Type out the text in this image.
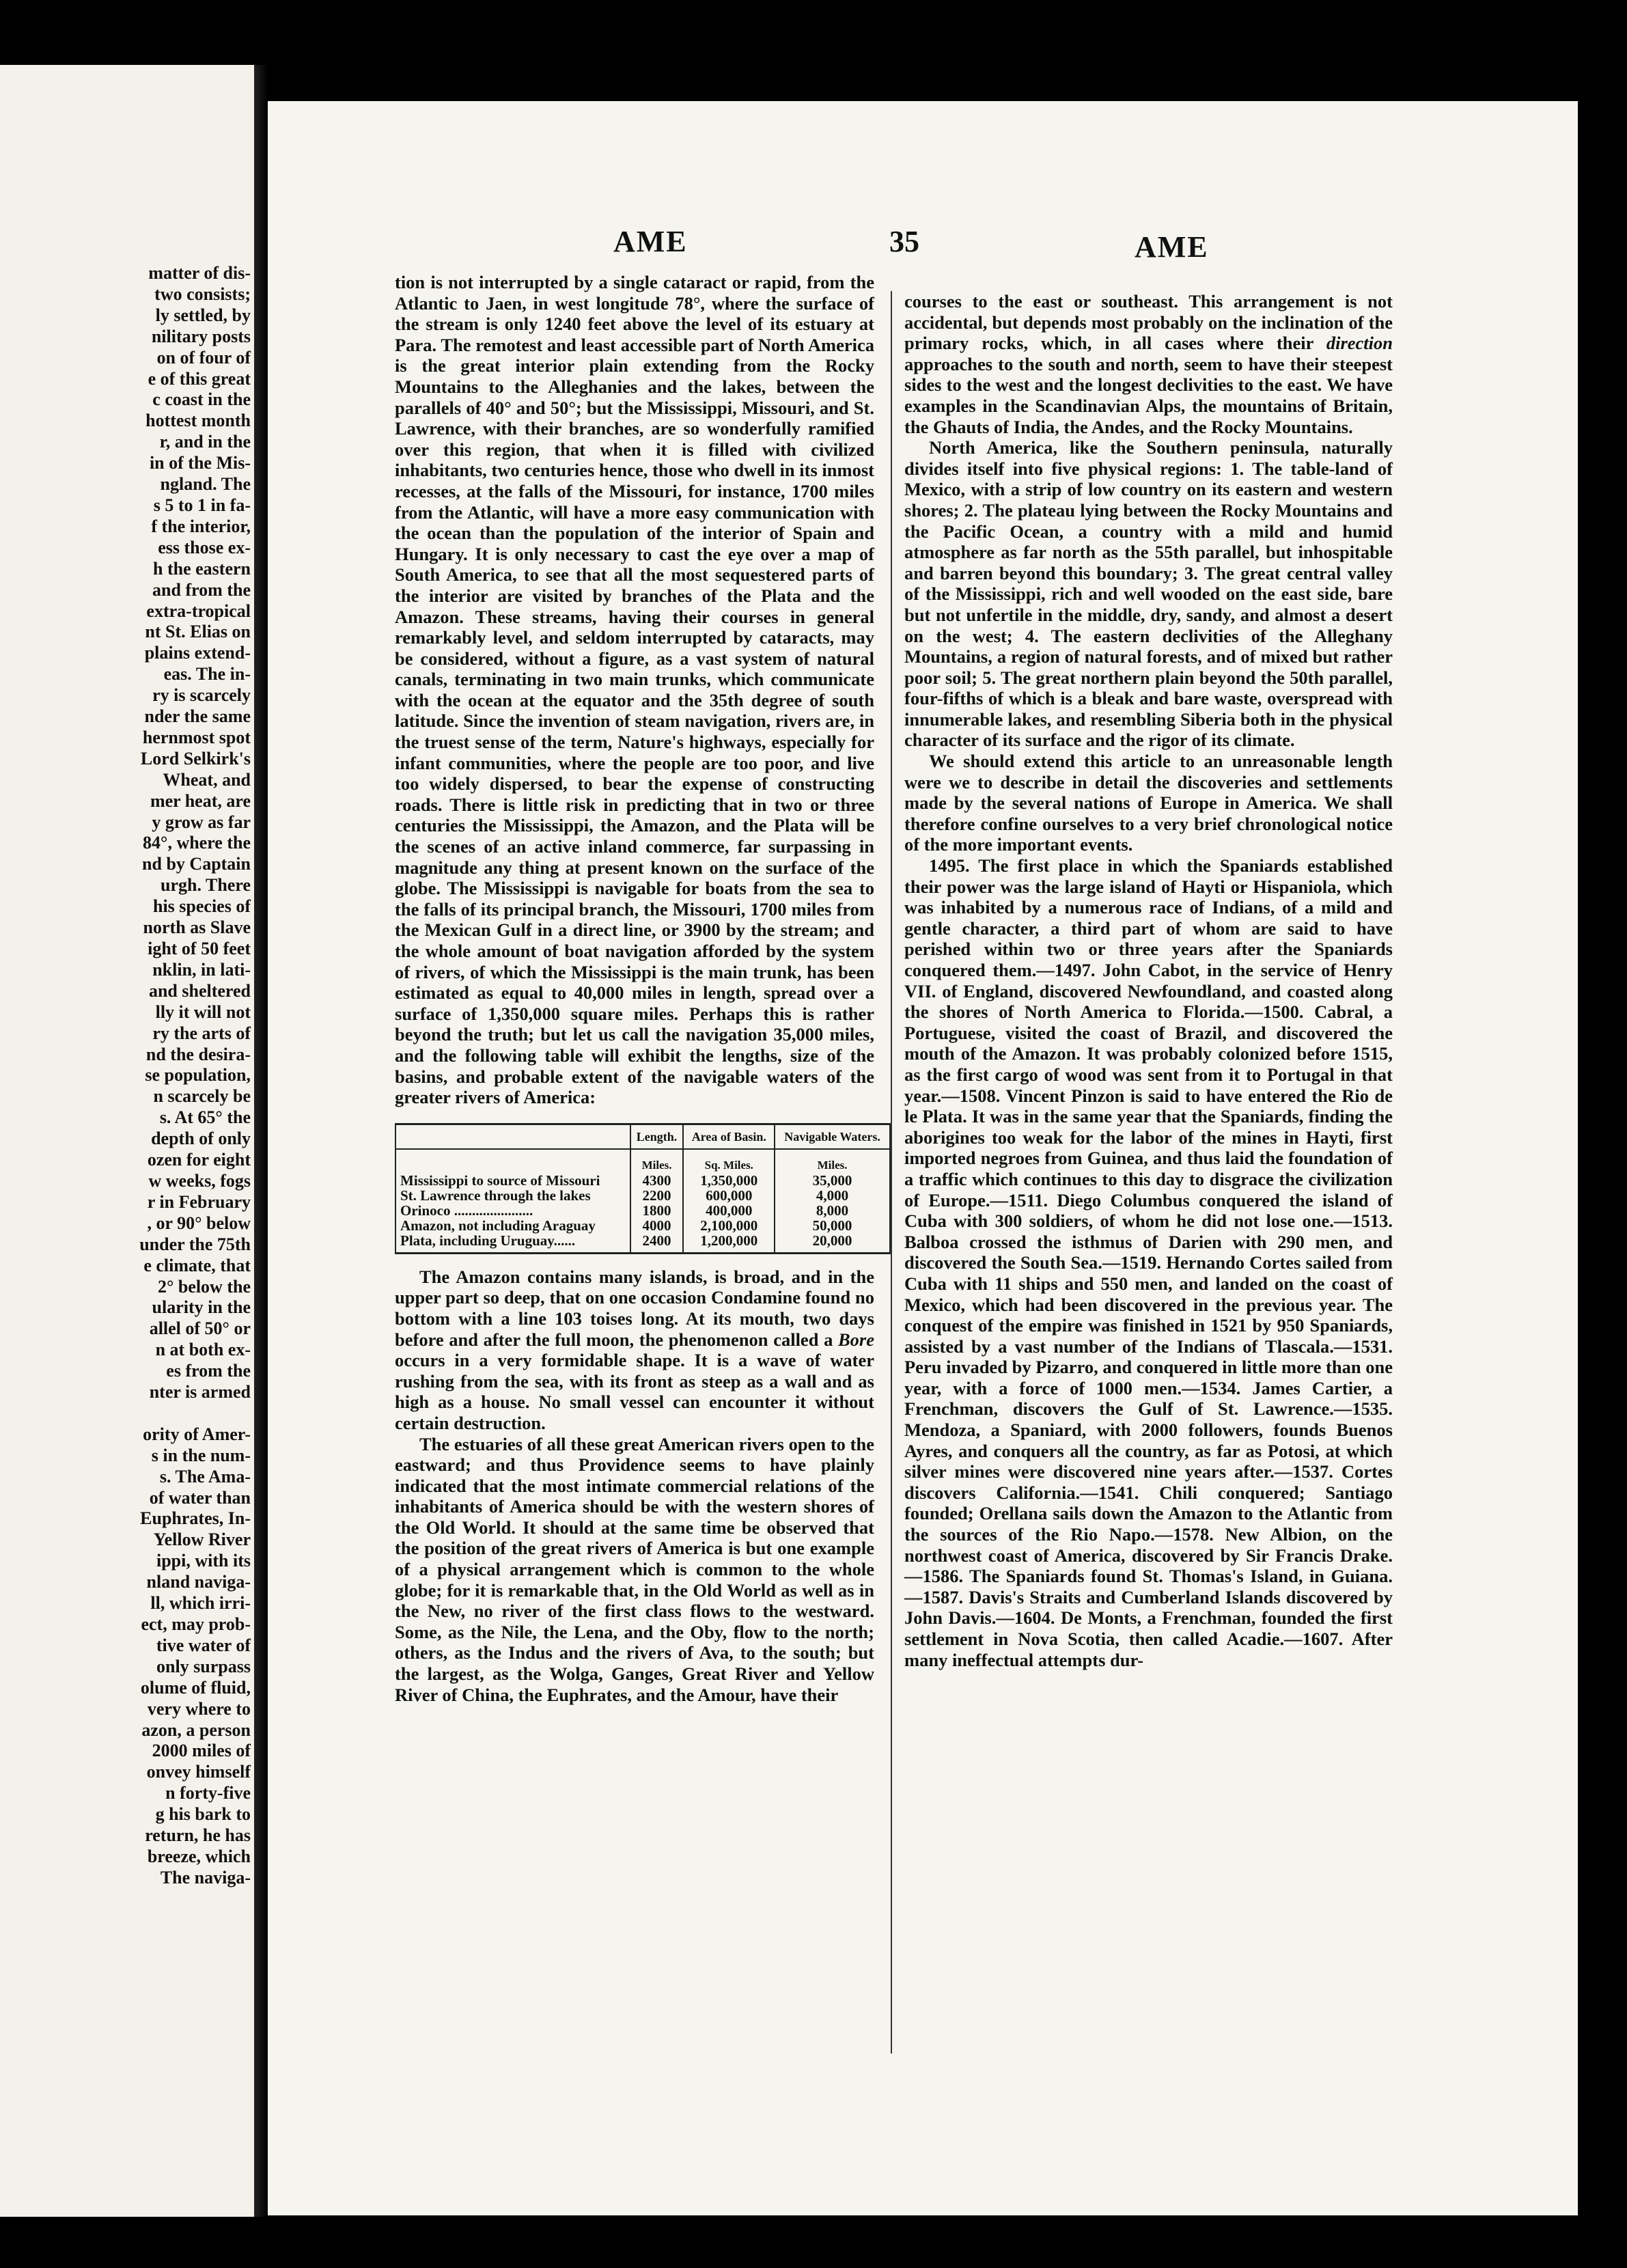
matter of dis-
two consists;
ly settled, by
nilitary posts
on of four of
e of this great
c coast in the
hottest month
r, and in the
in of the Mis-
ngland. The
s 5 to 1 in fa-
f the interior,
ess those ex-
h the eastern
and from the
extra-tropical
nt St. Elias on
plains extend-
eas. The in-
ry is scarcely
nder the same
hernmost spot
Lord Selkirk's
Wheat, and
mer heat, are
y grow as far
84°, where the
nd by Captain
urgh. There
his species of
north as Slave
ight of 50 feet
nklin, in lati-
and sheltered
lly it will not
ry the arts of
nd the desira-
se population,
n scarcely be
s. At 65° the
depth of only
ozen for eight
w weeks, fogs
r in February
, or 90° below
under the 75th
e climate, that
2° below the
ularity in the
allel of 50° or
n at both ex-
es from the
nter is armed

ority of Amer-
s in the num-
s. The Ama-
of water than
Euphrates, In-
Yellow River
ippi, with its
nland naviga-
ll, which irri-
ect, may prob-
tive water of
only surpass
olume of fluid,
very where to
azon, a person
2000 miles of
onvey himself
n forty-five
g his bark to
return, he has
breeze, which
The naviga-
AME	35	AME

tion is not interrupted by a single cataract or rapid, from the Atlantic to Jaen, in west longitude 78°, where the surface of the stream is only 1240 feet above the level of its estuary at Para. The remotest and least accessible part of North America is the great interior plain extending from the Rocky Mountains to the Alleghanies and the lakes, between the parallels of 40° and 50°; but the Mississippi, Missouri, and St. Lawrence, with their branches, are so wonderfully ramified over this region, that when it is filled with civilized inhabitants, two centuries hence, those who dwell in its inmost recesses, at the falls of the Missouri, for instance, 1700 miles from the Atlantic, will have a more easy communication with the ocean than the population of the interior of Spain and Hungary. It is only necessary to cast the eye over a map of South America, to see that all the most sequestered parts of the interior are visited by branches of the Plata and the Amazon. These streams, having their courses in general remarkably level, and seldom interrupted by cataracts, may be considered, without a figure, as a vast system of natural canals, terminating in two main trunks, which communicate with the ocean at the equator and the 35th degree of south latitude. Since the invention of steam navigation, rivers are, in the truest sense of the term, Nature's highways, especially for infant communities, where the people are too poor, and live too widely dispersed, to bear the expense of constructing roads. There is little risk in predicting that in two or three centuries the Mississippi, the Amazon, and the Plata will be the scenes of an active inland commerce, far surpassing in magnitude any thing at present known on the surface of the globe. The Mississippi is navigable for boats from the sea to the falls of its principal branch, the Missouri, 1700 miles from the Mexican Gulf in a direct line, or 3900 by the stream; and the whole amount of boat navigation afforded by the system of rivers, of which the Mississippi is the main trunk, has been estimated as equal to 40,000 miles in length, spread over a surface of 1,350,000 square miles. Perhaps this is rather beyond the truth; but let us call the navigation 35,000 miles, and the following table will exhibit the lengths, size of the basins, and probable extent of the navigable waters of the greater rivers of America:

	Length.	Area of Basin.	Navigable Waters.
	Miles.	Sq. Miles.	Miles.
Mississippi to source of Missouri	4300	1,350,000	35,000
St. Lawrence through the lakes	2200	600,000	4,000
Orinoco ......................	1800	400,000	8,000
Amazon, not including Araguay	4000	2,100,000	50,000
Plata, including Uruguay......	2400	1,200,000	20,000

The Amazon contains many islands, is broad, and in the upper part so deep, that on one occasion Condamine found no bottom with a line 103 toises long. At its mouth, two days before and after the full moon, the phenomenon called a Bore occurs in a very formidable shape. It is a wave of water rushing from the sea, with its front as steep as a wall and as high as a house. No small vessel can encounter it without certain destruction.

The estuaries of all these great American rivers open to the eastward; and thus Providence seems to have plainly indicated that the most intimate commercial relations of the inhabitants of America should be with the western shores of the Old World. It should at the same time be observed that the position of the great rivers of America is but one example of a physical arrangement which is common to the whole globe; for it is remarkable that, in the Old World as well as in the New, no river of the first class flows to the westward. Some, as the Nile, the Lena, and the Oby, flow to the north; others, as the Indus and the rivers of Ava, to the south; but the largest, as the Wolga, Ganges, Great River and Yellow River of China, the Euphrates, and the Amour, have their

courses to the east or southeast. This arrangement is not accidental, but depends most probably on the inclination of the primary rocks, which, in all cases where their direction approaches to the south and north, seem to have their steepest sides to the west and the longest declivities to the east. We have examples in the Scandinavian Alps, the mountains of Britain, the Ghauts of India, the Andes, and the Rocky Mountains.

North America, like the Southern peninsula, naturally divides itself into five physical regions: 1. The table-land of Mexico, with a strip of low country on its eastern and western shores; 2. The plateau lying between the Rocky Mountains and the Pacific Ocean, a country with a mild and humid atmosphere as far north as the 55th parallel, but inhospitable and barren beyond this boundary; 3. The great central valley of the Mississippi, rich and well wooded on the east side, bare but not unfertile in the middle, dry, sandy, and almost a desert on the west; 4. The eastern declivities of the Alleghany Mountains, a region of natural forests, and of mixed but rather poor soil; 5. The great northern plain beyond the 50th parallel, four-fifths of which is a bleak and bare waste, overspread with innumerable lakes, and resembling Siberia both in the physical character of its surface and the rigor of its climate.

We should extend this article to an unreasonable length were we to describe in detail the discoveries and settlements made by the several nations of Europe in America. We shall therefore confine ourselves to a very brief chronological notice of the more important events.

1495. The first place in which the Spaniards established their power was the large island of Hayti or Hispaniola, which was inhabited by a numerous race of Indians, of a mild and gentle character, a third part of whom are said to have perished within two or three years after the Spaniards conquered them.—1497. John Cabot, in the service of Henry VII. of England, discovered Newfoundland, and coasted along the shores of North America to Florida.—1500. Cabral, a Portuguese, visited the coast of Brazil, and discovered the mouth of the Amazon. It was probably colonized before 1515, as the first cargo of wood was sent from it to Portugal in that year.—1508. Vincent Pinzon is said to have entered the Rio de le Plata. It was in the same year that the Spaniards, finding the aborigines too weak for the labor of the mines in Hayti, first imported negroes from Guinea, and thus laid the foundation of a traffic which continues to this day to disgrace the civilization of Europe.—1511. Diego Columbus conquered the island of Cuba with 300 soldiers, of whom he did not lose one.—1513. Balboa crossed the isthmus of Darien with 290 men, and discovered the South Sea.—1519. Hernando Cortes sailed from Cuba with 11 ships and 550 men, and landed on the coast of Mexico, which had been discovered in the previous year. The conquest of the empire was finished in 1521 by 950 Spaniards, assisted by a vast number of the Indians of Tlascala.—1531. Peru invaded by Pizarro, and conquered in little more than one year, with a force of 1000 men.—1534. James Cartier, a Frenchman, discovers the Gulf of St. Lawrence.—1535. Mendoza, a Spaniard, with 2000 followers, founds Buenos Ayres, and conquers all the country, as far as Potosi, at which silver mines were discovered nine years after.—1537. Cortes discovers California.—1541. Chili conquered; Santiago founded; Orellana sails down the Amazon to the Atlantic from the sources of the Rio Napo.—1578. New Albion, on the northwest coast of America, discovered by Sir Francis Drake.—1586. The Spaniards found St. Thomas's Island, in Guiana.—1587. Davis's Straits and Cumberland Islands discovered by John Davis.—1604. De Monts, a Frenchman, founded the first settlement in Nova Scotia, then called Acadie.—1607. After many ineffectual attempts dur-
